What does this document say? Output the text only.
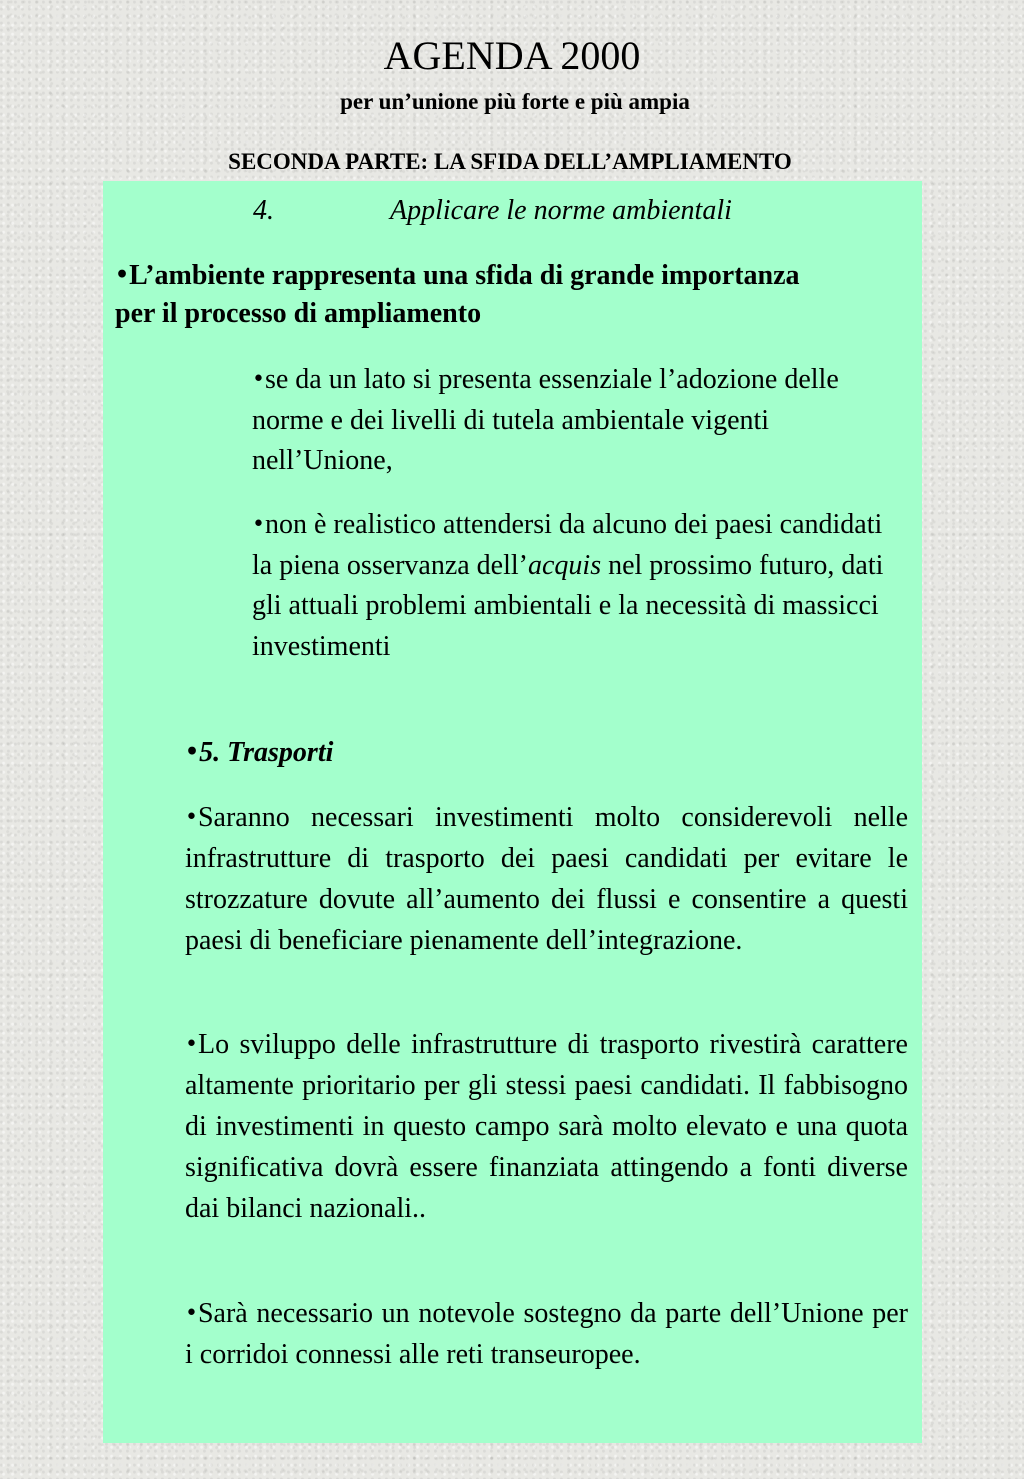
AGENDA 2000
per un’unione più forte e più ampia
SECONDA PARTE: LA SFIDA DELL’AMPLIAMENTO
4.	Applicare le norme ambientali
•L’ambiente rappresenta una sfida di grande importanza per il processo di ampliamento
•se da un lato si presenta essenziale l’adozione delle norme e dei livelli di tutela ambientale vigenti nell’Unione,
•non è realistico attendersi da alcuno dei paesi candidati la piena osservanza dell’acquis nel prossimo futuro, dati gli attuali problemi ambientali e la necessità di massicci investimenti
•5. Trasporti
•Saranno necessari investimenti molto considerevoli nelle infrastrutture di trasporto dei paesi candidati per evitare le strozzature dovute all’aumento dei flussi e consentire a questi paesi di beneficiare pienamente dell’integrazione.
•Lo sviluppo delle infrastrutture di trasporto rivestirà carattere altamente prioritario per gli stessi paesi candidati. Il fabbisogno di investimenti in questo campo sarà molto elevato e una quota significativa dovrà essere finanziata attingendo a fonti diverse dai bilanci nazionali..
•Sarà necessario un notevole sostegno da parte dell’Unione per i corridoi connessi alle reti transeuropee.
